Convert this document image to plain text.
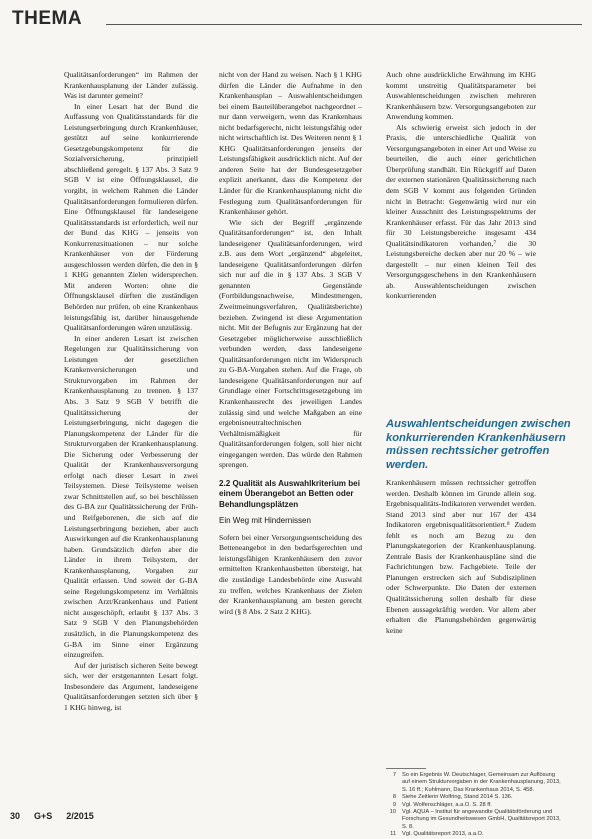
THEMA

Qualitätsanforderungen“ im Rahmen der Krankenhausplanung der Länder zulässig. Was ist darunter gemeint?

In einer Lesart hat der Bund die Auffassung von Qualitätsstandards für die Leistungserbringung durch Krankenhäuser, gestützt auf seine konkurrierende Gesetzgebungskompetenz für die Sozialversicherung, prinzipiell abschließend geregelt. § 137 Abs. 3 Satz 9 SGB V ist eine Öffnungsklausel, die vorgibt, in welchem Rahmen die Länder Qualitätsanforderungen formulieren dürfen. Eine Öffnungsklausel für landeseigene Qualitätsstandards ist erforderlich, weil nur der Bund das KHG – jenseits von Konkurrenzsituationen – nur solche Krankenhäuser von der Förderung ausgeschlossen werden dürfen, die den in § 1 KHG genannten Zielen widersprechen. Mit anderen Worten: ohne die Öffnungsklausel dürften die zuständigen Behörden nur prüfen, ob eine Krankenhaus leistungsfähig ist, darüber hinausgehende Qualitätsanforderungen wären unzulässig.

In einer anderen Lesart ist zwischen Regelungen zur Qualitätssicherung von Leistungen der gesetzlichen Krankenversicherungen und Strukturvorgaben im Rahmen der Krankenhausplanung zu trennen. § 137 Abs. 3 Satz 9 SGB V betrifft die Qualitätssicherung der Leistungserbringung, nicht dagegen die Planungskompetenz der Länder für die Strukturvorgaben der Krankenhausplanung. Die Sicherung oder Verbesserung der Qualität der Krankenhausversorgung erfolgt nach dieser Lesart in zwei Teilsystemen. Diese Teilsysteme weisen zwar Schnittstellen auf, so bei beschlüssen des G-BA zur Qualitätssicherung der Früh- und Reifgeborenen, die sich auf die Leistungserbringung beziehen, aber auch Auswirkungen auf die Krankenhausplanung haben. Grundsätzlich dürfen aber die Länder in ihrem Teilsystem, der Krankenhausplanung, Vorgaben zur Qualität erlassen. Und soweit der G-BA seine Regelungskompetenz im Verhältnis zwischen Arzt/Krankenhaus und Patient nicht ausgeschöpft, erlaubt § 137 Abs. 3 Satz 9 SGB V den Planungsbehörden zusätzlich, in die Planungskompetenz des G-BA im Sinne einer Ergänzung einzugreifen.

Auf der juristisch sicheren Seite bewegt sich, wer der erstgenannten Lesart folgt. Insbesondere das Argument, landeseigene Qualitätsanforderungen setzten sich über § 1 KHG hinweg, ist

nicht von der Hand zu weisen. Nach § 1 KHG dürfen die Länder die Aufnahme in den Krankenhausplan – Auswahlentscheidungen bei einem Bauteilüberangebot nachgeordnet – nur dann verweigern, wenn das Krankenhaus nicht bedarfsgerecht, nicht leistungsfähig oder nicht wirtschaftlich ist. Des Weiteren nennt § 1 KHG Qualitätsanforderungen jenseits der Leistungsfähigkeit ausdrücklich nicht. Auf der anderen Seite hat der Bundesgesetzgeber explizit anerkannt, dass die Kompetenz der Länder für die Krankenhausplanung nicht die Festlegung zum Qualitätsanforderungen für Krankenhäuser gehört.

Wie sich der Begriff „ergänzende Qualitätsanforderungen“ ist, den Inhalt landeseigener Qualitätsanforderungen, wird z.B. aus dem Wort „ergänzend“ abgeleitet, landeseigene Qualitätsanforderungen dürfen sich nur auf die in § 137 Abs. 3 SGB V genannten Gegenstände (Fortbildungsnachweise, Mindestmengen, Zweitmeinungsverfahren, Qualitätsberichte) beziehen. Zwingend ist diese Argumentation nicht. Mit der Befugnis zur Ergänzung hat der Gesetzgeber möglicherweise ausschließlich verbunden werden, dass landeseigene Qualitätsanforderungen nicht im Widerspruch zu G-BA-Vorgaben stehen. Auf die Frage, ob landeseigene Qualitätsanforderungen nur auf Grundlage einer Fortschrittsgesetzgebung im Krankenhausrecht des jeweiligen Landes zulässig sind und welche Maßgaben an eine ergebnisneutraltechnischen Verhältnismäßigkeit für Qualitätsanforderungen folgen, soll hier nicht eingegangen werden. Das würde den Rahmen sprengen.

2.2 Qualität als Auswahlkriterium bei einem Überangebot an Betten oder Behandlungsplätzen
Ein Weg mit Hindernissen

Sofern bei einer Versorgungsentscheidung des Betteneangebot in den bedarfsgerechten und leistungsfähigen Krankenhäusern den zuvor ermittelten Krankenhausbetten übersteigt, hat die zuständige Landesbehörde eine Auswahl zu treffen, welches Krankenhaus der Zielen der Krankenhausplanung am besten gerecht wird (§ 8 Abs. 2 Satz 2 KHG).

Auch ohne ausdrückliche Erwähnung im KHG kommt unstreitig Qualitätsparameter bei Auswahlentscheidungen zwischen mehreren Krankenhäusern bzw. Versorgungsangeboten zur Anwendung kommen.

Als schwierig erweist sich jedoch in der Praxis, die unterschiedliche Qualität von Versorgungsangeboten in einer Art und Weise zu beurteilen, die auch einer gerichtlichen Überprüfung standhält. Ein Rückgriff auf Daten der externen stationären Qualitätssicherung nach dem SGB V kommt aus folgenden Gründen nicht in Betracht: Gegenwärtig wird nur ein kleiner Ausschnitt des Leistungsspektrums der Krankenhäuser erfasst. Für das Jahr 2013 sind für 30 Leistungsbereiche insgesamt 434 Qualitätsindikatoren vorhanden,⁷ die 30 Leistungsbereiche decken aber nur 20 % – wie dargestellt – nur einen kleinen Teil des Versorgungsgeschehens in den Krankenhäusern ab. Auswahlentscheidungen zwischen konkurrierenden

Auswahlentscheidungen zwischen konkurrierenden Krankenhäusern müssen rechtssicher getroffen werden.

Krankenhäusern müssen rechtssicher getroffen werden. Deshalb können im Grunde allein sog. Ergebnisqualitäts-Indikatoren verwendet werden. Stand 2013 sind aber nur 167 der 434 Indikatoren ergebnisqualitätsorientiert.⁸ Zudem fehlt es noch am Bezug zu den Planungskategorien der Krankenhausplanung. Zentrale Basis der Krankenhauspläne sind die Fachrichtungen bzw. Fachgebiete. Teile der Planungen erstrecken sich auf Subdisziplinen oder Schwerpunkte. Die Daten der externen Qualitätssicherung sollen deshalb für diese Ebenen aussagekräftig werden. Vor allem aber erhalten die Planungsbehörden gegenwärtig keine

7 So ein Ergebnis W. Deutschlager, Gemeinsam zur Auflösung auf einem Strukturvorgaben in der Krankenhausplanung, 2013, S. 16 ff.; Kuhlmann, Das Krankenhaus 2014, S. 458.
8 Siehe Zeitlerin Wolfring, Stand 2014 S. 136.
9 Vgl. Wolfenschläger, a.a.O. S. 28 ff.
10 Vgl. AQUA – Institut für angewandte Qualitätsförderung und Forschung im Gesundheitswesen GmbH, Qualitätsreport 2013, S. 8.
11 Vgl. Qualitätsreport 2013, a.a.O.
30 G+S 2/2015
